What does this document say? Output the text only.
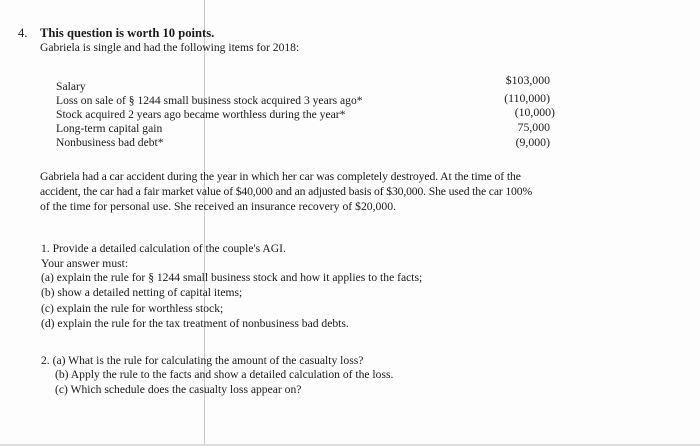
4. This question is worth 10 points.
Gabriela is single and had the following items for 2018:
Salary	$103,000
Loss on sale of § 1244 small business stock acquired 3 years ago*	(110,000)
Stock acquired 2 years ago became worthless during the year*	(10,000)
Long-term capital gain	75,000
Nonbusiness bad debt*	(9,000)
Gabriela had a car accident during the year in which her car was completely destroyed. At the time of the
accident, the car had a fair market value of $40,000 and an adjusted basis of $30,000. She used the car 100%
of the time for personal use. She received an insurance recovery of $20,000.
1. Provide a detailed calculation of the couple's AGI.
Your answer must:
(a) explain the rule for § 1244 small business stock and how it applies to the facts;
(b) show a detailed netting of capital items;
(c) explain the rule for worthless stock;
(d) explain the rule for the tax treatment of nonbusiness bad debts.
2. (a) What is the rule for calculating the amount of the casualty loss?
(b) Apply the rule to the facts and show a detailed calculation of the loss.
(c) Which schedule does the casualty loss appear on?
